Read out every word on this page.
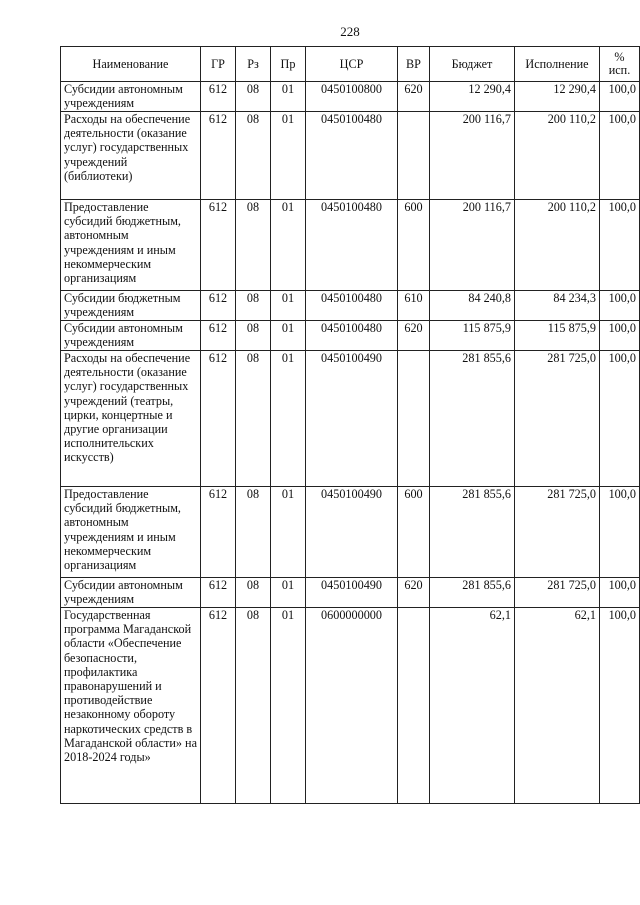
228
Наименование	ГР	Рз	Пр	ЦСР	ВР	Бюджет	Исполнение	%
исп.
Субсидии автономным учреждениям	612	08	01	0450100800	620	12 290,4	12 290,4	100,0
Расходы на обеспечение деятельности (оказание услуг) государственных учреждений (библиотеки)	612	08	01	0450100480		200 116,7	200 110,2	100,0
Предоставление субсидий бюджетным, автономным учреждениям и иным некоммерческим организациям	612	08	01	0450100480	600	200 116,7	200 110,2	100,0
Субсидии бюджетным учреждениям	612	08	01	0450100480	610	84 240,8	84 234,3	100,0
Субсидии автономным учреждениям	612	08	01	0450100480	620	115 875,9	115 875,9	100,0
Расходы на обеспечение деятельности (оказание услуг) государственных учреждений (театры, цирки, концертные и другие организации исполнительских искусств)	612	08	01	0450100490		281 855,6	281 725,0	100,0
Предоставление субсидий бюджетным, автономным учреждениям и иным некоммерческим организациям	612	08	01	0450100490	600	281 855,6	281 725,0	100,0
Субсидии автономным учреждениям	612	08	01	0450100490	620	281 855,6	281 725,0	100,0
Государственная программа Магаданской области «Обеспечение безопасности, профилактика правонарушений и противодействие незаконному обороту наркотических средств в Магаданской области» на 2018-2024 годы»	612	08	01	0600000000		62,1	62,1	100,0
